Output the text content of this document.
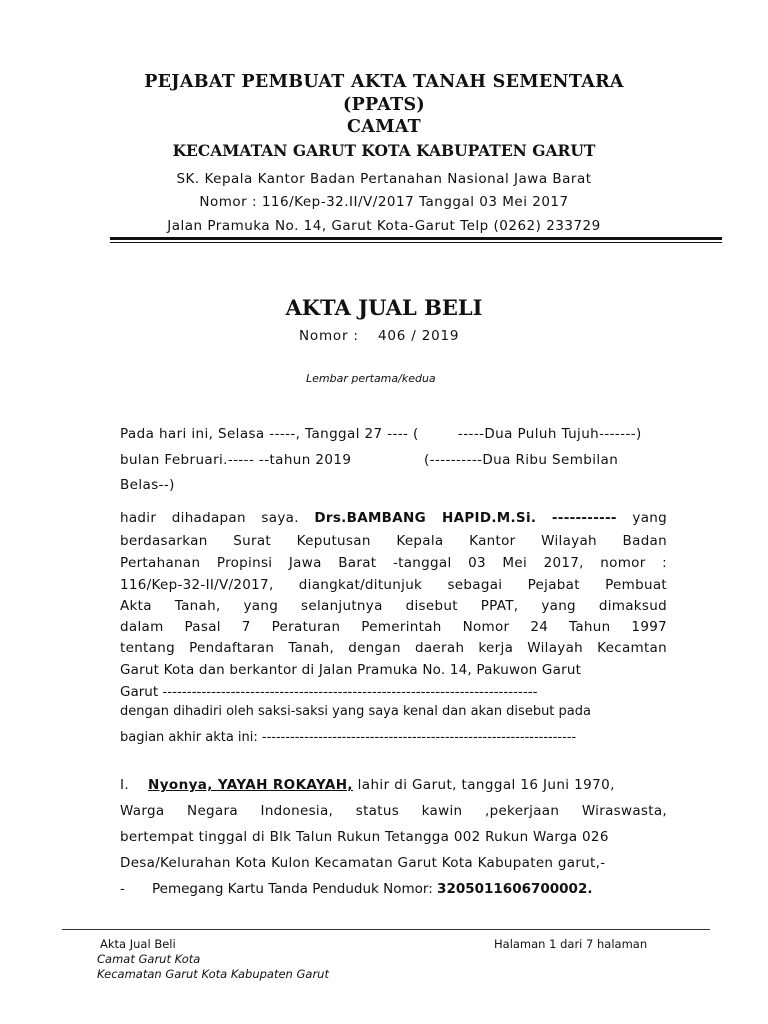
PEJABAT PEMBUAT AKTA TANAH SEMENTARA
(PPATS)
CAMAT
KECAMATAN GARUT KOTA KABUPATEN GARUT
SK. Kepala Kantor Badan Pertanahan Nasional Jawa Barat
Nomor : 116/Kep-32.II/V/2017 Tanggal 03 Mei 2017
Jalan Pramuka No. 14, Garut Kota-Garut Telp (0262) 233729
AKTA JUAL BELI
Nomor : 406 / 2019
Lembar pertama/kedua
Pada hari ini, Selasa -----, Tanggal 27 ---- (	-----Dua Puluh Tujuh-------)
bulan Februari.----- --tahun 2019	(----------Dua Ribu Sembilan
Belas--)
hadir dihadapan saya. Drs.BAMBANG HAPID.M.Si. ----------- yang
berdasarkan Surat Keputusan Kepala Kantor Wilayah Badan
Pertahanan Propinsi Jawa Barat -tanggal 03 Mei 2017, nomor :
116/Kep-32-II/V/2017, diangkat/ditunjuk sebagai Pejabat Pembuat
Akta Tanah, yang selanjutnya disebut PPAT, yang dimaksud
dalam Pasal 7 Peraturan Pemerintah Nomor 24 Tahun 1997
tentang Pendaftaran Tanah, dengan daerah kerja Wilayah Kecamtan
Garut Kota dan berkantor di Jalan Pramuka No. 14, Pakuwon Garut
Garut -----------------------------------------------------------------------------
dengan dihadiri oleh saksi-saksi yang saya kenal dan akan disebut pada
bagian akhir akta ini: -------------------------------------------------------------------
I. Nyonya, YAYAH ROKAYAH, lahir di Garut, tanggal 16 Juni 1970,
Warga Negara Indonesia, status kawin ,pekerjaan Wiraswasta,
bertempat tinggal di Blk Talun Rukun Tetangga 002 Rukun Warga 026
Desa/Kelurahan Kota Kulon Kecamatan Garut Kota Kabupaten garut,-
- Pemegang Kartu Tanda Penduduk Nomor: 3205011606700002.
Akta Jual Beli
Camat Garut Kota
Kecamatan Garut Kota Kabupaten Garut
Halaman 1 dari 7 halaman
